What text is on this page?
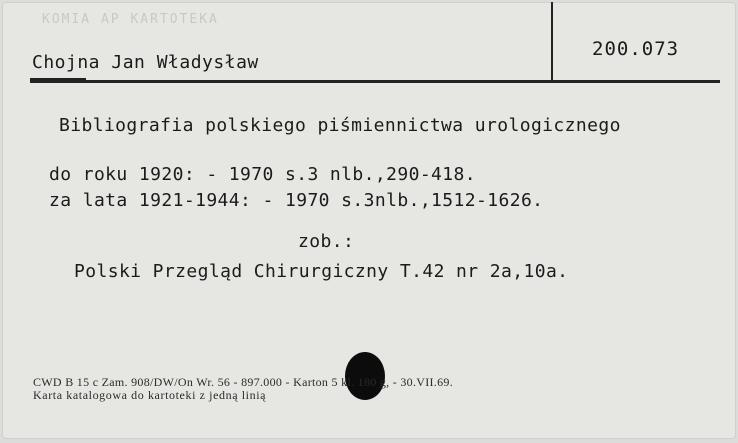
KOMIA AP KARTOTEKA
Chojna Jan Władysław
200.073
Bibliografia polskiego piśmiennictwa urologicznego
do roku 1920: - 1970 s.3 nlb.,290-418.
za lata 1921-1944: - 1970 s.3nlb.,1512-1626.
zob.:
Polski Przegląd Chirurgiczny T.42 nr 2a,10a.
CWD B 15 c Zam. 908/DW/On Wr. 56 - 897.000 - Karton 5 kl. 180 g, - 30.VII.69.
Karta katalogowa do kartoteki z jedną linią
